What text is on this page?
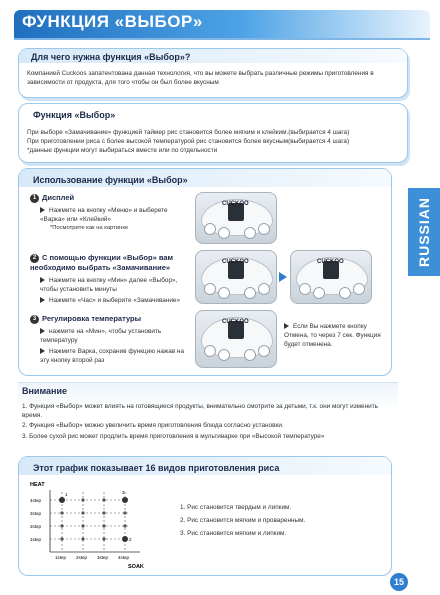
ФУНКЦИЯ «ВЫБОР»
RUSSIAN
Для чего нужна функция «Выбор»?
Компанией Cuckoos запатентована данная технология, что вы можете выбрать различные режимы приготовления в зависимости от продукта, для того чтобы он был более вкусным
Функция «Выбор»
При выборе «Замачивание» функцией таймер рис становится более мягким и клейким.(выбирается 4 шага)
При приготовлении риса с более высокой температурой рис становится более вкусным(выбирается 4 шага)
*данные функции могут выбираться вместе или по отдельности
Использование функции «Выбор»
1 Дисплей
Нажмите на кнопку «Меню» и выберете «Варка» или «Клейкий»
*Посмотрите как на картинке
CUCKOO
2 С помощью функции «Выбор» вам необходимо выбрать «Замачивание»
Нажмите на кнопку «Мин» далее «Выбор», чтобы установить минуты
Нажмите «Час» и выберите «Замачивание»
CUCKOO	CUCKOO
3 Регулировка температуры
нажмите на «Мин», чтобы установить температуру
Нажмите Варка, сохранив функцию нажав на эту кнопку второй раз
CUCKOO
Если Вы нажмете кнопку Отмена, то через 7 сек. Функция будет отменена.
Внимание
1. Функция «Выбор» может влиять на готовящиеся продукты, внимательно смотрите за детьми, т.к. они могут изменить время.
2. Функция «Выбор» можно увеличить время приготовления блюда согласно установки.
3. Более сухой рис может продлить время приготовления в мультиварке при «Высокой температуре»
Этот график показывает 16 видов приготовления риса
HEAT
SOAK
4step
3step
2step
1step
1step 2step 3step 4step
1	3
2
1. Рис становится твердым и липким.
2. Рис становится мягким и проваренным.
3. Рис становится мягким и липким.
15
